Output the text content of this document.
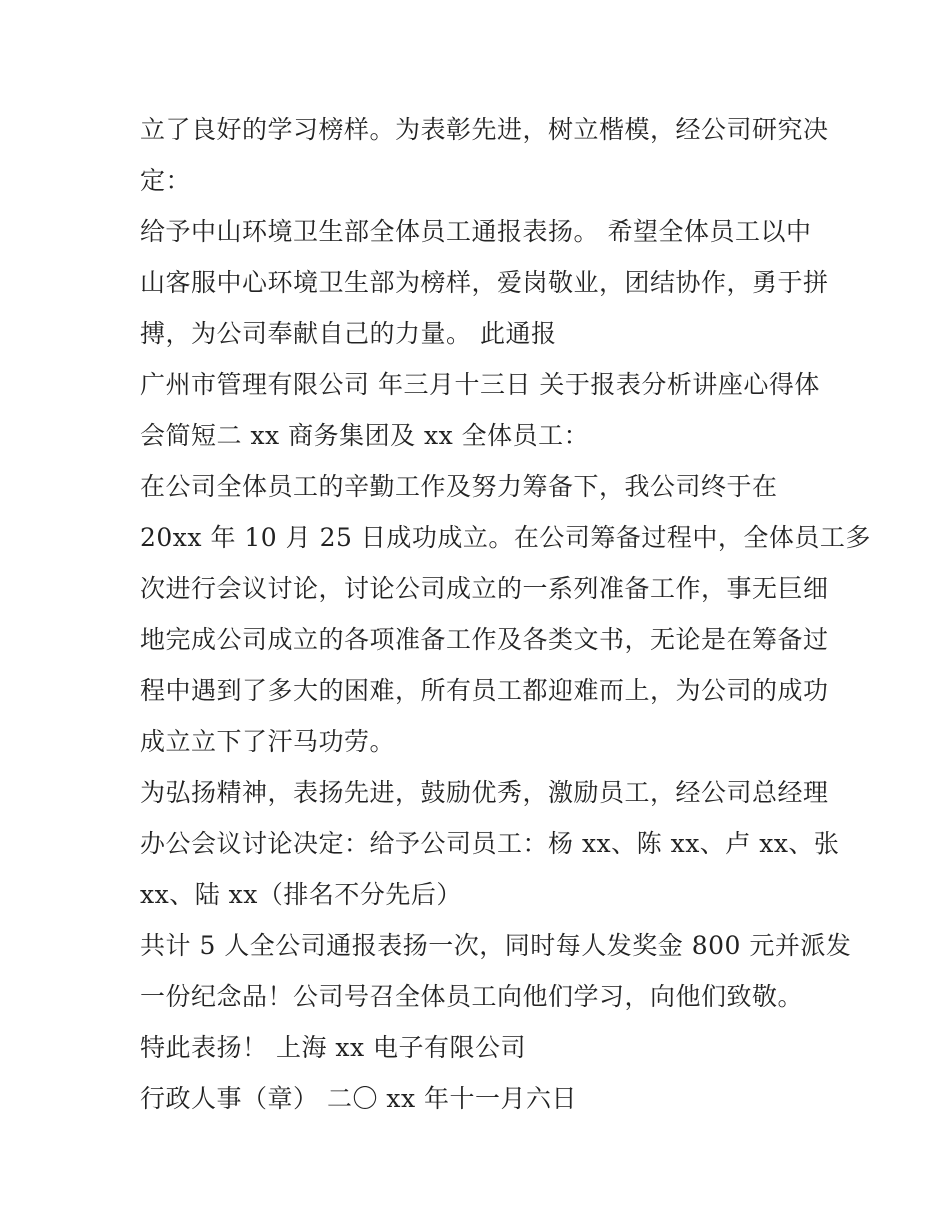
立了良好的学习榜样。为表彰先进，树立楷模，经公司研究决
定：
给予中山环境卫生部全体员工通报表扬。 希望全体员工以中
山客服中心环境卫生部为榜样，爱岗敬业，团结协作，勇于拼
搏，为公司奉献自己的力量。 此通报
广州市管理有限公司 年三月十三日 关于报表分析讲座心得体
会简短二 xx 商务集团及 xx 全体员工：
在公司全体员工的辛勤工作及努力筹备下，我公司终于在
20xx 年 10 月 25 日成功成立。在公司筹备过程中，全体员工多
次进行会议讨论，讨论公司成立的一系列准备工作，事无巨细
地完成公司成立的各项准备工作及各类文书，无论是在筹备过
程中遇到了多大的困难，所有员工都迎难而上，为公司的成功
成立立下了汗马功劳。
为弘扬精神，表扬先进，鼓励优秀，激励员工，经公司总经理
办公会议讨论决定：给予公司员工：杨 xx、陈 xx、卢 xx、张
xx、陆 xx（排名不分先后）
共计 5 人全公司通报表扬一次，同时每人发奖金 800 元并派发
一份纪念品！公司号召全体员工向他们学习，向他们致敬。
特此表扬！ 上海 xx 电子有限公司
行政人事（章） 二〇 xx 年十一月六日
